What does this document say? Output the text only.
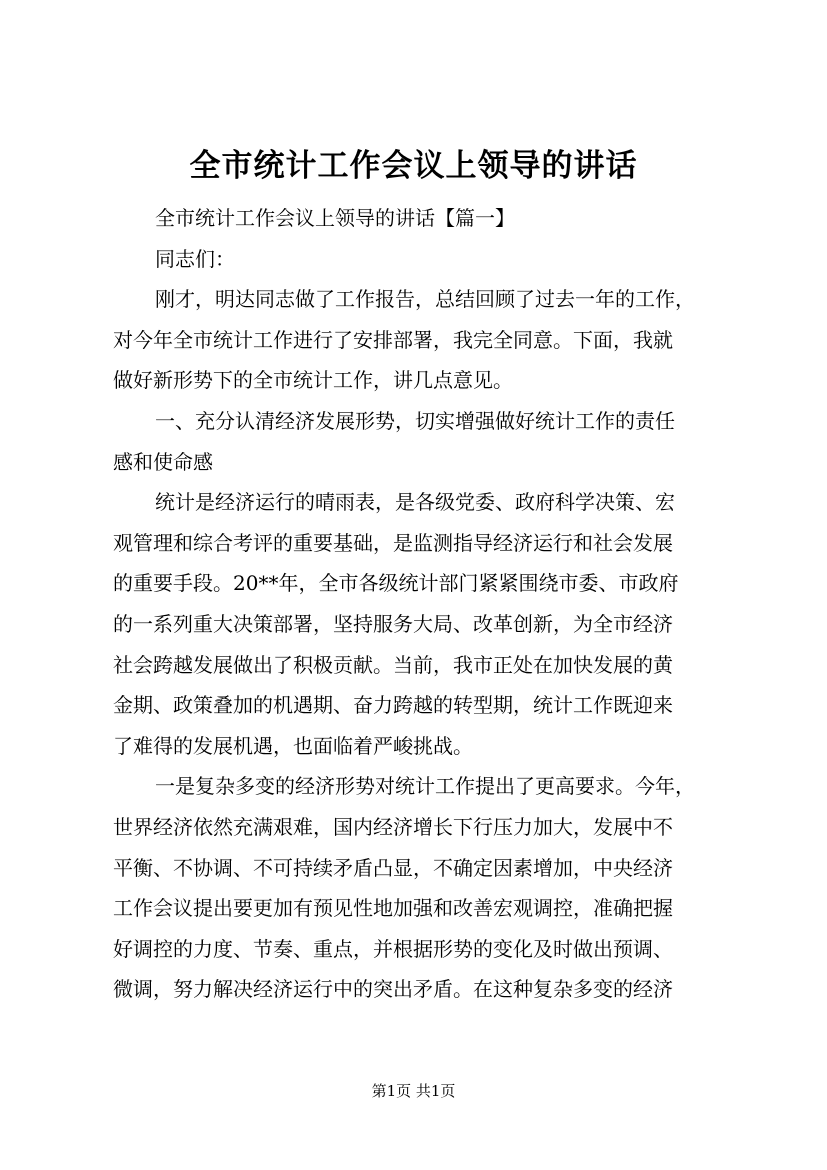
全市统计工作会议上领导的讲话
全市统计工作会议上领导的讲话【篇一】
同志们：
刚才，明达同志做了工作报告，总结回顾了过去一年的工作，
对今年全市统计工作进行了安排部署，我完全同意。下面，我就
做好新形势下的全市统计工作，讲几点意见。
一、充分认清经济发展形势，切实增强做好统计工作的责任
感和使命感
统计是经济运行的晴雨表，是各级党委、政府科学决策、宏
观管理和综合考评的重要基础，是监测指导经济运行和社会发展
的重要手段。20**年，全市各级统计部门紧紧围绕市委、市政府
的一系列重大决策部署，坚持服务大局、改革创新，为全市经济
社会跨越发展做出了积极贡献。当前，我市正处在加快发展的黄
金期、政策叠加的机遇期、奋力跨越的转型期，统计工作既迎来
了难得的发展机遇，也面临着严峻挑战。
一是复杂多变的经济形势对统计工作提出了更高要求。今年，
世界经济依然充满艰难，国内经济增长下行压力加大，发展中不
平衡、不协调、不可持续矛盾凸显，不确定因素增加，中央经济
工作会议提出要更加有预见性地加强和改善宏观调控，准确把握
好调控的力度、节奏、重点，并根据形势的变化及时做出预调、
微调，努力解决经济运行中的突出矛盾。在这种复杂多变的经济
第1页 共1页
